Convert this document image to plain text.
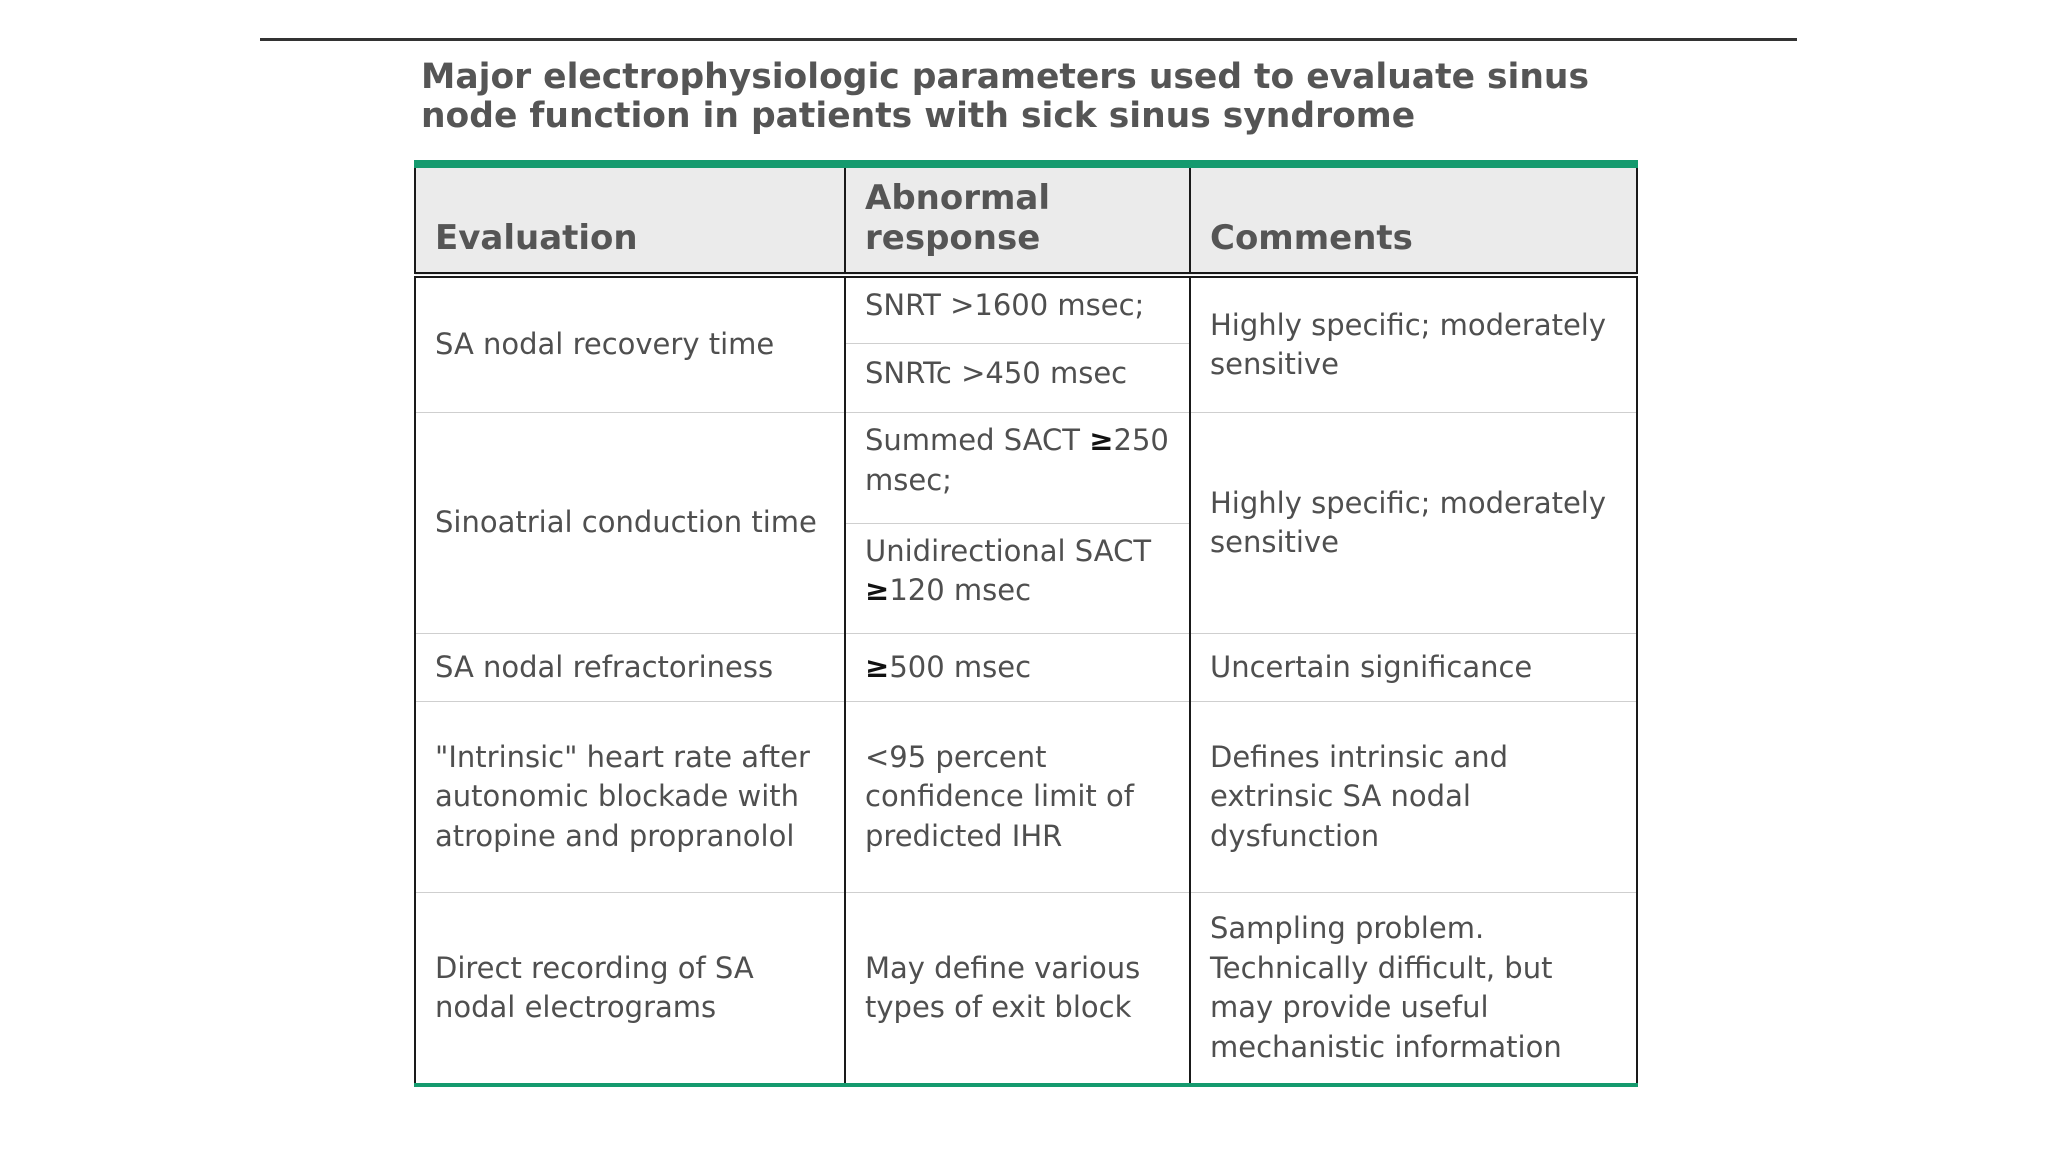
Major electrophysiologic parameters used to evaluate sinus node function in patients with sick sinus syndrome
Evaluation	Abnormal response	Comments
SA nodal recovery time	SNRT >1600 msec;	Highly specific; moderately sensitive
	SNRTc >450 msec	
Sinoatrial conduction time	Summed SACT ≥250 msec;	Highly specific; moderately sensitive
	Unidirectional SACT ≥120 msec	
SA nodal refractoriness	≥500 msec	Uncertain significance
"Intrinsic" heart rate after autonomic blockade with atropine and propranolol	<95 percent confidence limit of predicted IHR	Defines intrinsic and extrinsic SA nodal dysfunction
Direct recording of SA nodal electrograms	May define various types of exit block	Sampling problem. Technically difficult, but may provide useful mechanistic information
